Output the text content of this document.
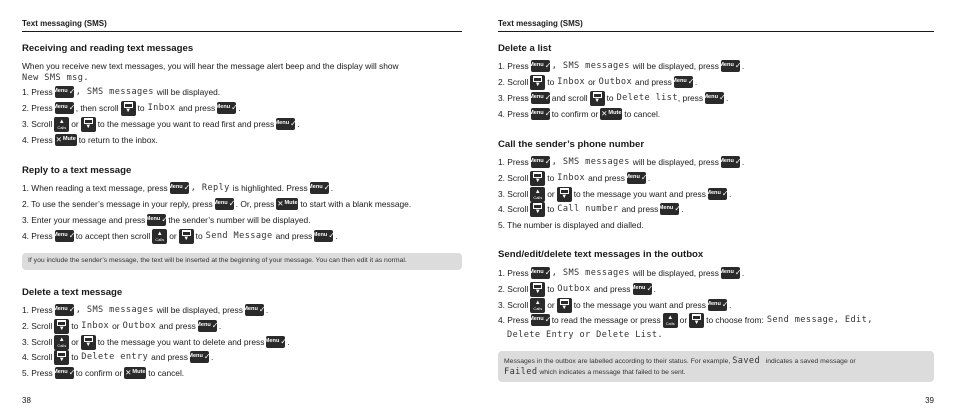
Text messaging (SMS)
Receiving and reading text messages
When you receive new text messages, you will hear the message alert beep and the display will show
New SMS msg.
1. Press Menu ✓ , SMS messages will be displayed.
2. Press Menu ✓ , then scroll ▼ to Inbox and press Menu ✓ .
3. Scroll ▲
Calls or ▼ to the message you want to read first and press Menu ✓ .
4. Press ✕ Mute to return to the inbox.
Reply to a text message
1. When reading a text message, press Menu ✓ , Reply is highlighted. Press Menu ✓ .
2. To use the sender’s message in your reply, press Menu ✓ . Or, press ✕ Mute to start with a blank message.
3. Enter your message and press Menu ✓ the sender’s number will be displayed.
4. Press Menu ✓ to accept then scroll ▲
Calls or ▼ to Send Message and press Menu ✓ .
If you include the sender’s message, the text will be inserted at the beginning of your message. You can then edit it as normal.
Delete a text message
1. Press Menu ✓ , SMS messages will be displayed, press Menu ✓ .
2. Scroll ▼ to Inbox or Outbox and press Menu ✓ .
3. Scroll ▲
Calls or ▼ to the message you want to delete and press Menu ✓ .
4. Scroll ▼ to Delete entry and press Menu ✓ .
5. Press Menu ✓ to confirm or ✕ Mute to cancel.
38
Text messaging (SMS)
Delete a list
1. Press Menu ✓ , SMS messages will be displayed, press Menu ✓ .
2. Scroll ▼ to Inbox or Outbox and press Menu ✓ .
3. Press Menu ✓ and scroll ▼ to Delete list , press Menu ✓ .
4. Press Menu ✓ to confirm or ✕ Mute to cancel.
Call the sender’s phone number
1. Press Menu ✓ , SMS messages will be displayed, press Menu ✓ .
2. Scroll ▼ to Inbox and press Menu ✓ .
3. Scroll ▲
Calls or ▼ to the message you want and press Menu ✓ .
4. Scroll ▼ to Call number and press Menu ✓ .
5. The number is displayed and dialled.
Send/edit/delete text messages in the outbox
1. Press Menu ✓ , SMS messages will be displayed, press Menu ✓ .
2. Scroll ▼ to Outbox and press Menu ✓ .
3. Scroll ▲
Calls or ▼ to the message you want and press Menu ✓ .
4. Press Menu ✓ to read the message or press ▲
Calls or ▼ to choose from: Send message, Edit,
Delete Entry or Delete List.
Messages in the outbox are labelled according to their status. For example, Saved indicates a saved message or
Failed which indicates a message that failed to be sent.
39
